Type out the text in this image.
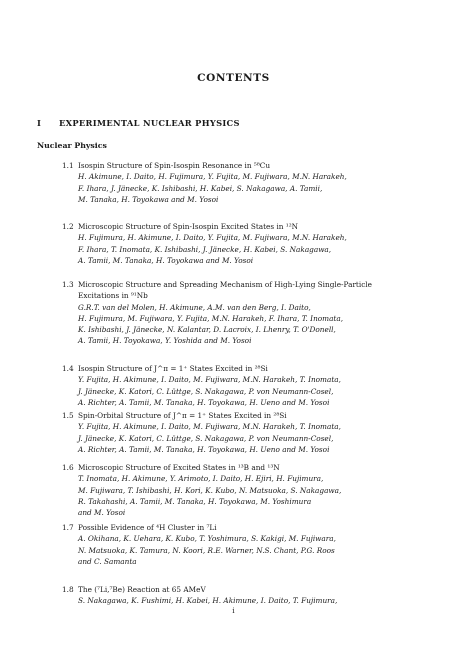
CONTENTS
I EXPERIMENTAL NUCLEAR PHYSICS
Nuclear Physics
1.1 Isospin Structure of Spin-Isospin Resonance in ⁵⁸Cu
H. Akimune, I. Daito, H. Fujimura, Y. Fujita, M. Fujiwara, M.N. Harakeh,
F. Ihara, J. Jänecke, K. Ishibashi, H. Kabei, S. Nakagawa, A. Tamii,
M. Tanaka, H. Toyokawa and M. Yosoi
1.2 Microscopic Structure of Spin-Isospin Excited States in ¹²N
H. Fujimura, H. Akimune, I. Daito, Y. Fujita, M. Fujiwara, M.N. Harakeh,
F. Ihara, T. Inomata, K. Ishibashi, J. Jänecke, H. Kabei, S. Nakagawa,
A. Tamii, M. Tanaka, H. Toyokawa and M. Yosoi
1.3 Microscopic Structure and Spreading Mechanism of High-Lying Single-Particle
Excitations in ⁹¹Nb
G.R.T. van del Molen, H. Akimune, A.M. van den Berg, I. Daito,
H. Fujimura, M. Fujiwara, Y. Fujita, M.N. Harakeh, F. Ihara, T. Inomata,
K. Ishibashi, J. Jänecke, N. Kalantar, D. Lacroix, I. Lhenry, T. O'Donell,
A. Tamii, H. Toyokawa, Y. Yoshida and M. Yosoi
1.4 Isospin Structure of J^π = 1⁺ States Excited in ²⁸Si
Y. Fujita, H. Akimune, I. Daito, M. Fujiwara, M.N. Harakeh, T. Inomata,
J. Jänecke, K. Katori, C. Lüttge, S. Nakagawa, P. von Neumann-Cosel,
A. Richter, A. Tamii, M. Tanaka, H. Toyokawa, H. Ueno and M. Yosoi
1.5 Spin-Orbital Structure of J^π = 1⁺ States Excited in ²⁸Si
Y. Fujita, H. Akimune, I. Daito, M. Fujiwara, M.N. Harakeh, T. Inomata,
J. Jänecke, K. Katori, C. Lüttge, S. Nakagawa, P. von Neumann-Cosel,
A. Richter, A. Tamii, M. Tanaka, H. Toyokawa, H. Ueno and M. Yosoi
1.6 Microscopic Structure of Excited States in ¹³B and ¹³N
T. Inomata, H. Akimune, Y. Arimoto, I. Daito, H. Ejiri, H. Fujimura,
M. Fujiwara, T. Ishibashi, H. Kori, K. Kubo, N. Matsuoka, S. Nakagawa,
R. Takahashi, A. Tamii, M. Tanaka, H. Toyokawa, M. Yoshimura
and M. Yosoi
1.7 Possible Evidence of ⁴H Cluster in ⁷Li
A. Okihana, K. Uehara, K. Kubo, T. Yoshimura, S. Kakigi, M. Fujiwara,
N. Matsuoka, K. Tamura, N. Koori, R.E. Warner, N.S. Chant, P.G. Roos
and C. Samanta
1.8 The (⁷Li,⁷Be) Reaction at 65 AMeV
S. Nakagawa, K. Fushimi, H. Kabei, H. Akimune, I. Daito, T. Fujimura,
i
